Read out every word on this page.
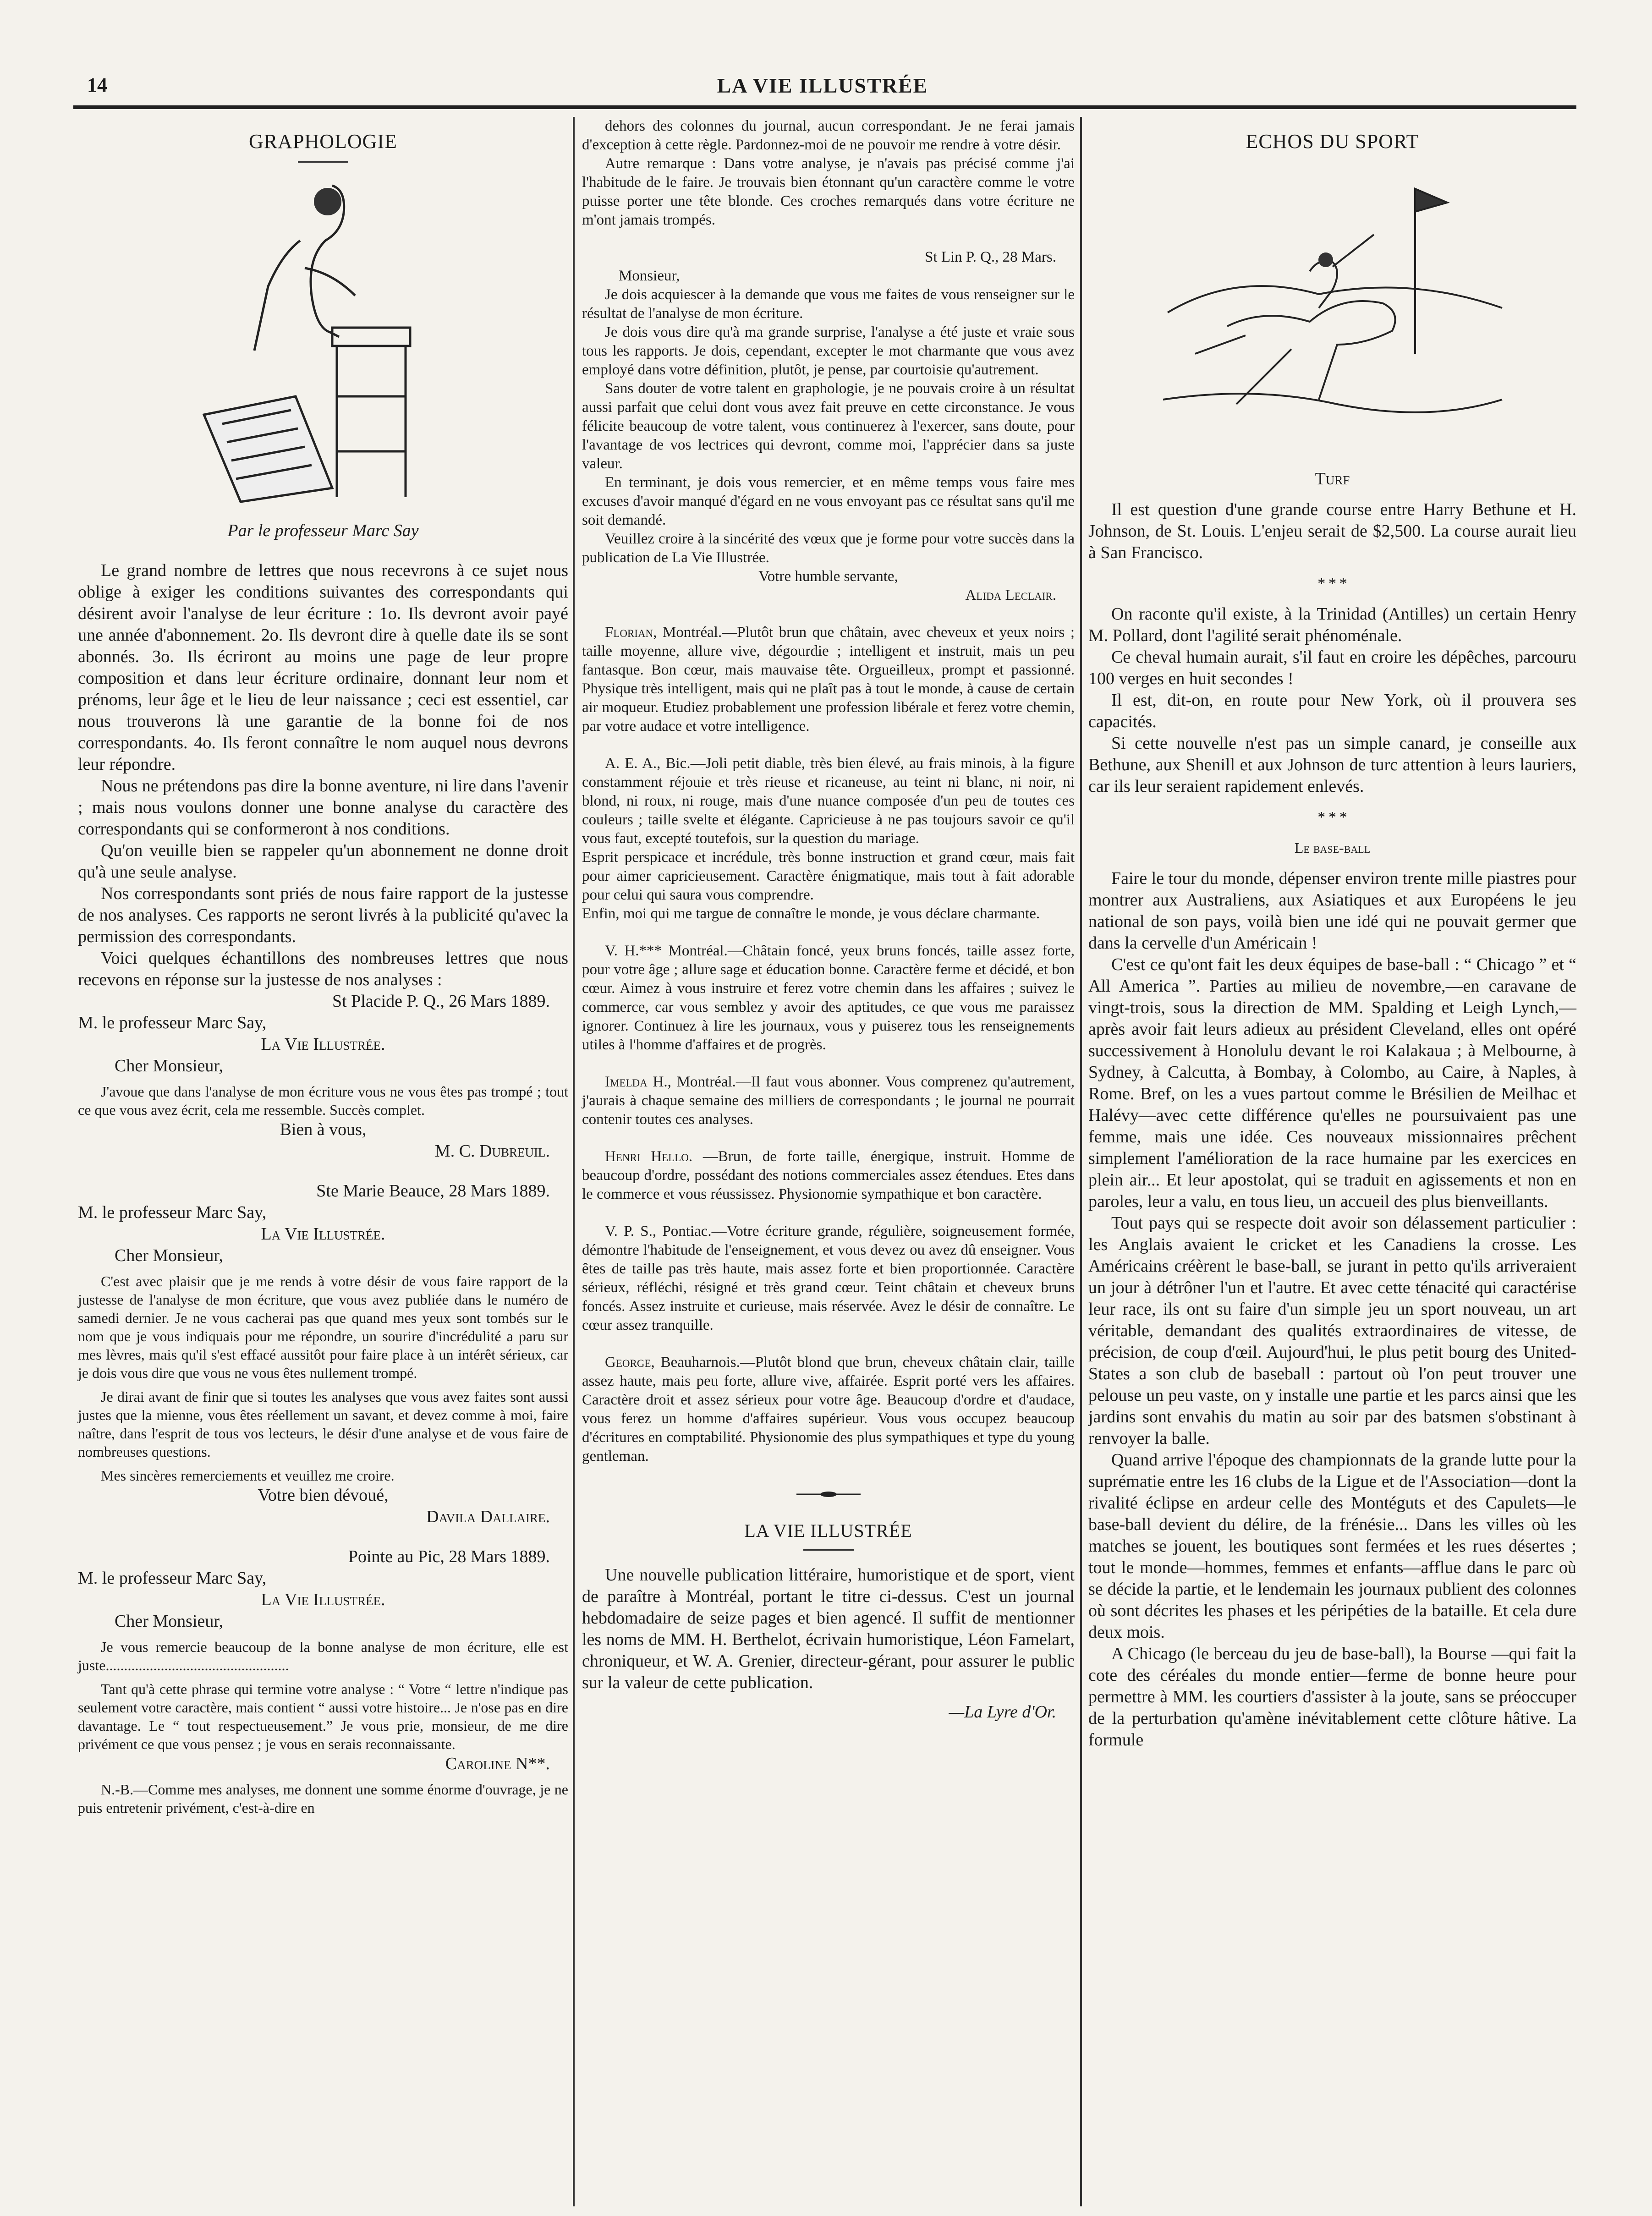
14	LA VIE ILLUSTRÉE
GRAPHOLOGIE
Par le professeur Marc Say

Le grand nombre de lettres que nous recevrons à ce sujet nous oblige à exiger les conditions suivantes des correspondants qui désirent avoir l'analyse de leur écriture : 1o. Ils devront avoir payé une année d'abonnement. 2o. Ils devront dire à quelle date ils se sont abonnés. 3o. Ils écriront au moins une page de leur propre composition et dans leur écriture ordinaire, donnant leur nom et prénoms, leur âge et le lieu de leur naissance ; ceci est essentiel, car nous trouverons là une garantie de la bonne foi de nos correspondants. 4o. Ils feront connaître le nom auquel nous devrons leur répondre.

Nous ne prétendons pas dire la bonne aventure, ni lire dans l'avenir ; mais nous voulons donner une bonne analyse du caractère des correspondants qui se conformeront à nos conditions.

Qu'on veuille bien se rappeler qu'un abonnement ne donne droit qu'à une seule analyse.

Nos correspondants sont priés de nous faire rapport de la justesse de nos analyses. Ces rapports ne seront livrés à la publicité qu'avec la permission des correspondants.

Voici quelques échantillons des nombreuses lettres que nous recevons en réponse sur la justesse de nos analyses :

St Placide P. Q., 26 Mars 1889.
M. le professeur Marc Say,
La Vie Illustrée.
Cher Monsieur,

J'avoue que dans l'analyse de mon écriture vous ne vous êtes pas trompé ; tout ce que vous avez écrit, cela me ressemble. Succès complet.

Bien à vous,
M. C. Dubreuil.
Ste Marie Beauce, 28 Mars 1889.
M. le professeur Marc Say,
La Vie Illustrée.
Cher Monsieur,

C'est avec plaisir que je me rends à votre désir de vous faire rapport de la justesse de l'analyse de mon écriture, que vous avez publiée dans le numéro de samedi dernier. Je ne vous cacherai pas que quand mes yeux sont tombés sur le nom que je vous indiquais pour me répondre, un sourire d'incrédulité a paru sur mes lèvres, mais qu'il s'est effacé aussitôt pour faire place à un intérêt sérieux, car je dois vous dire que vous ne vous êtes nullement trompé.

Je dirai avant de finir que si toutes les analyses que vous avez faites sont aussi justes que la mienne, vous êtes réellement un savant, et devez comme à moi, faire naître, dans l'esprit de tous vos lecteurs, le désir d'une analyse et de vous faire de nombreuses questions.

Mes sincères remerciements et veuillez me croire.

Votre bien dévoué,
Davila Dallaire.
Pointe au Pic, 28 Mars 1889.
M. le professeur Marc Say,
La Vie Illustrée.
Cher Monsieur,

Je vous remercie beaucoup de la bonne analyse de mon écriture, elle est juste..................................................

Tant qu'à cette phrase qui termine votre analyse : “ Votre “ lettre n'indique pas seulement votre caractère, mais contient “ aussi votre histoire... Je n'ose pas en dire davantage. Le “ tout respectueusement.” Je vous prie, monsieur, de me dire privément ce que vous pensez ; je vous en serais reconnaissante.

Caroline N**.

N.-B.—Comme mes analyses, me donnent une somme énorme d'ouvrage, je ne puis entretenir privément, c'est-à-dire en

dehors des colonnes du journal, aucun correspondant. Je ne ferai jamais d'exception à cette règle. Pardonnez-moi de ne pouvoir me rendre à votre désir.

Autre remarque : Dans votre analyse, je n'avais pas précisé comme j'ai l'habitude de le faire. Je trouvais bien étonnant qu'un caractère comme le votre puisse porter une tête blonde. Ces croches remarqués dans votre écriture ne m'ont jamais trompés.

St Lin P. Q., 28 Mars.
Monsieur,

Je dois acquiescer à la demande que vous me faites de vous renseigner sur le résultat de l'analyse de mon écriture.

Je dois vous dire qu'à ma grande surprise, l'analyse a été juste et vraie sous tous les rapports. Je dois, cependant, excepter le mot charmante que vous avez employé dans votre définition, plutôt, je pense, par courtoisie qu'autrement.

Sans douter de votre talent en graphologie, je ne pouvais croire à un résultat aussi parfait que celui dont vous avez fait preuve en cette circonstance. Je vous félicite beaucoup de votre talent, vous continuerez à l'exercer, sans doute, pour l'avantage de vos lectrices qui devront, comme moi, l'apprécier dans sa juste valeur.

En terminant, je dois vous remercier, et en même temps vous faire mes excuses d'avoir manqué d'égard en ne vous envoyant pas ce résultat sans qu'il me soit demandé.

Veuillez croire à la sincérité des vœux que je forme pour votre succès dans la publication de La Vie Illustrée.

Votre humble servante,
Alida Leclair.

Florian, Montréal.—Plutôt brun que châtain, avec cheveux et yeux noirs ; taille moyenne, allure vive, dégourdie ; intelligent et instruit, mais un peu fantasque. Bon cœur, mais mauvaise tête. Orgueilleux, prompt et passionné. Physique très intelligent, mais qui ne plaît pas à tout le monde, à cause de certain air moqueur. Etudiez probablement une profession libérale et ferez votre chemin, par votre audace et votre intelligence.

A. E. A., Bic.—Joli petit diable, très bien élevé, au frais minois, à la figure constamment réjouie et très rieuse et ricaneuse, au teint ni blanc, ni noir, ni blond, ni roux, ni rouge, mais d'une nuance composée d'un peu de toutes ces couleurs ; taille svelte et élégante. Capricieuse à ne pas toujours savoir ce qu'il vous faut, excepté toutefois, sur la question du mariage.
Esprit perspicace et incrédule, très bonne instruction et grand cœur, mais fait pour aimer capricieusement. Caractère énigmatique, mais tout à fait adorable pour celui qui saura vous comprendre.
Enfin, moi qui me targue de connaître le monde, je vous déclare charmante.

V. H.*** Montréal.—Châtain foncé, yeux bruns foncés, taille assez forte, pour votre âge ; allure sage et éducation bonne. Caractère ferme et décidé, et bon cœur. Aimez à vous instruire et ferez votre chemin dans les affaires ; suivez le commerce, car vous semblez y avoir des aptitudes, ce que vous me paraissez ignorer. Continuez à lire les journaux, vous y puiserez tous les renseignements utiles à l'homme d'affaires et de progrès.

Imelda H., Montréal.—Il faut vous abonner. Vous comprenez qu'autrement, j'aurais à chaque semaine des milliers de correspondants ; le journal ne pourrait contenir toutes ces analyses.

Henri Hello. —Brun, de forte taille, énergique, instruit. Homme de beaucoup d'ordre, possédant des notions commerciales assez étendues. Etes dans le commerce et vous réussissez. Physionomie sympathique et bon caractère.

V. P. S., Pontiac.—Votre écriture grande, régulière, soigneusement formée, démontre l'habitude de l'enseignement, et vous devez ou avez dû enseigner. Vous êtes de taille pas très haute, mais assez forte et bien proportionnée. Caractère sérieux, réfléchi, résigné et très grand cœur. Teint châtain et cheveux bruns foncés. Assez instruite et curieuse, mais réservée. Avez le désir de connaître. Le cœur assez tranquille.

George, Beauharnois.—Plutôt blond que brun, cheveux châtain clair, taille assez haute, mais peu forte, allure vive, affairée. Esprit porté vers les affaires. Caractère droit et assez sérieux pour votre âge. Beaucoup d'ordre et d'audace, vous ferez un homme d'affaires supérieur. Vous vous occupez beaucoup d'écritures en comptabilité. Physionomie des plus sympathiques et type du young gentleman.

LA VIE ILLUSTRÉE

Une nouvelle publication littéraire, humoristique et de sport, vient de paraître à Montréal, portant le titre ci-dessus. C'est un journal hebdomadaire de seize pages et bien agencé. Il suffit de mentionner les noms de MM. H. Berthelot, écrivain humoristique, Léon Famelart, chroniqueur, et W. A. Grenier, directeur-gérant, pour assurer le public sur la valeur de cette publication.

—La Lyre d'Or.
ECHOS DU SPORT
Turf

Il est question d'une grande course entre Harry Bethune et H. Johnson, de St. Louis. L'enjeu serait de $2,500. La course aurait lieu à San Francisco.

* * *

On raconte qu'il existe, à la Trinidad (Antilles) un certain Henry M. Pollard, dont l'agilité serait phénoménale.

Ce cheval humain aurait, s'il faut en croire les dépêches, parcouru 100 verges en huit secondes !

Il est, dit-on, en route pour New York, où il prouvera ses capacités.

Si cette nouvelle n'est pas un simple canard, je conseille aux Bethune, aux Shenill et aux Johnson de turc attention à leurs lauriers, car ils leur seraient rapidement enlevés.

* * *
Le base-ball

Faire le tour du monde, dépenser environ trente mille piastres pour montrer aux Australiens, aux Asiatiques et aux Européens le jeu national de son pays, voilà bien une idé qui ne pouvait germer que dans la cervelle d'un Américain !

C'est ce qu'ont fait les deux équipes de base-ball : “ Chicago ” et “ All America ”. Parties au milieu de novembre,—en caravane de vingt-trois, sous la direction de MM. Spalding et Leigh Lynch,—après avoir fait leurs adieux au président Cleveland, elles ont opéré successivement à Honolulu devant le roi Kalakaua ; à Melbourne, à Sydney, à Calcutta, à Bombay, à Colombo, au Caire, à Naples, à Rome. Bref, on les a vues partout comme le Brésilien de Meilhac et Halévy—avec cette différence qu'elles ne poursuivaient pas une femme, mais une idée. Ces nouveaux missionnaires prêchent simplement l'amélioration de la race humaine par les exercices en plein air... Et leur apostolat, qui se traduit en agissements et non en paroles, leur a valu, en tous lieu, un accueil des plus bienveillants.

Tout pays qui se respecte doit avoir son délassement particulier : les Anglais avaient le cricket et les Canadiens la crosse. Les Américains créèrent le base-ball, se jurant in petto qu'ils arriveraient un jour à détrôner l'un et l'autre. Et avec cette ténacité qui caractérise leur race, ils ont su faire d'un simple jeu un sport nouveau, un art véritable, demandant des qualités extraordinaires de vitesse, de précision, de coup d'œil. Aujourd'hui, le plus petit bourg des United-States a son club de baseball : partout où l'on peut trouver une pelouse un peu vaste, on y installe une partie et les parcs ainsi que les jardins sont envahis du matin au soir par des batsmen s'obstinant à renvoyer la balle.

Quand arrive l'époque des championnats de la grande lutte pour la suprématie entre les 16 clubs de la Ligue et de l'Association—dont la rivalité éclipse en ardeur celle des Montéguts et des Capulets—le base-ball devient du délire, de la frénésie... Dans les villes où les matches se jouent, les boutiques sont fermées et les rues désertes ; tout le monde—hommes, femmes et enfants—afflue dans le parc où se décide la partie, et le lendemain les journaux publient des colonnes où sont décrites les phases et les péripéties de la bataille. Et cela dure deux mois.

A Chicago (le berceau du jeu de base-ball), la Bourse —qui fait la cote des céréales du monde entier—ferme de bonne heure pour permettre à MM. les courtiers d'assister à la joute, sans se préoccuper de la perturbation qu'amène inévitablement cette clôture hâtive. La formule
